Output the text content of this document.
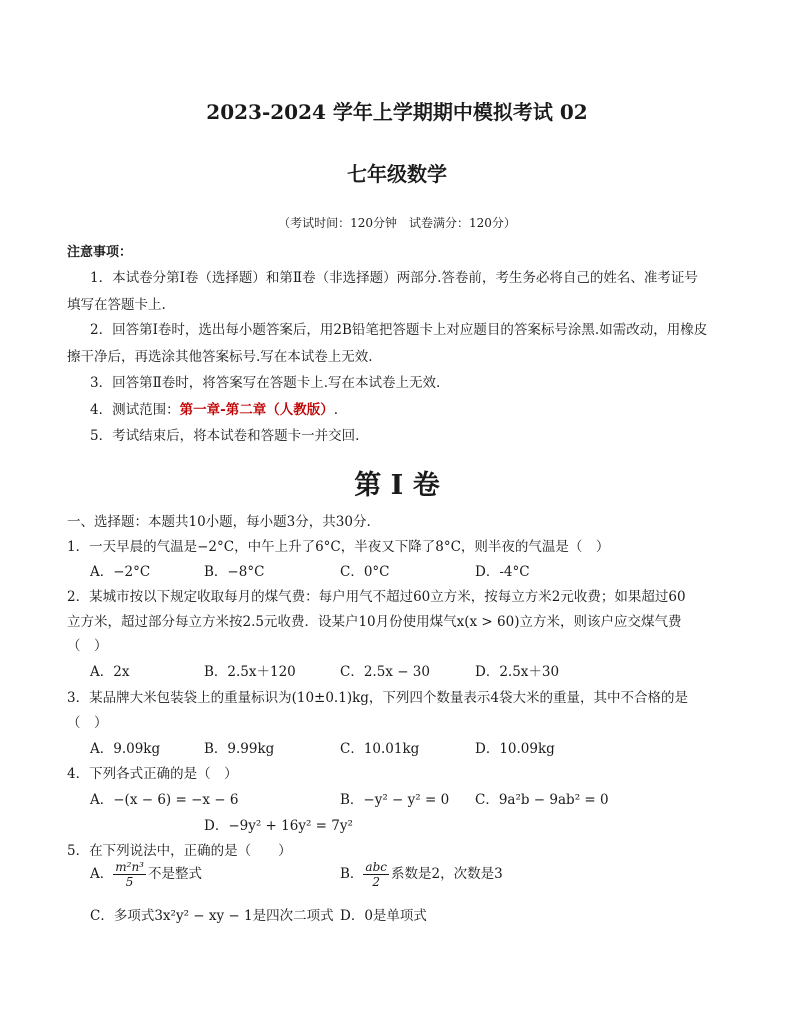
2023-2024 学年上学期期中模拟考试 02
七年级数学
（考试时间：120分钟　试卷满分：120分）
注意事项：
1．本试卷分第Ⅰ卷（选择题）和第Ⅱ卷（非选择题）两部分.答卷前，考生务必将自己的姓名、准考证号
填写在答题卡上.
2．回答第Ⅰ卷时，选出每小题答案后，用2B铅笔把答题卡上对应题目的答案标号涂黑.如需改动，用橡皮
擦干净后，再选涂其他答案标号.写在本试卷上无效.
3．回答第Ⅱ卷时，将答案写在答题卡上.写在本试卷上无效.
4．测试范围：第一章-第二章（人教版）.
5．考试结束后，将本试卷和答题卡一并交回.
第 I 卷
一、选择题：本题共10小题，每小题3分，共30分.
1．一天早晨的气温是−2°C，中午上升了6°C，半夜又下降了8°C，则半夜的气温是（　）
A．−2°C	B．−8°C	C．0°C	D．-4°C
2．某城市按以下规定收取每月的煤气费：每户用气不超过60立方米，按每立方米2元收费；如果超过60
立方米，超过部分每立方米按2.5元收费．设某户10月份使用煤气x(x > 60)立方米，则该户应交煤气费
（　）
A．2x	B．2.5x＋120	C．2.5x − 30	D．2.5x＋30
3．某品牌大米包装袋上的重量标识为(10±0.1)kg，下列四个数量表示4袋大米的重量，其中不合格的是
（　）
A．9.09kg	B．9.99kg	C．10.01kg	D．10.09kg
4．下列各式正确的是（　）
A．−(x − 6) = −x − 6	B．−y² − y² = 0 C．9a²b − 9ab² = 0
D．−9y² + 16y² = 7y²
5．在下列说法中，正确的是（　　）
A． $\frac{\text{m²n³}}{5}$ 不是整式	B． $\frac{\text{abc}}{2}$ 系数是2，次数是3
C．多项式3x²y² − xy − 1是四次二项式 D．0是单项式
